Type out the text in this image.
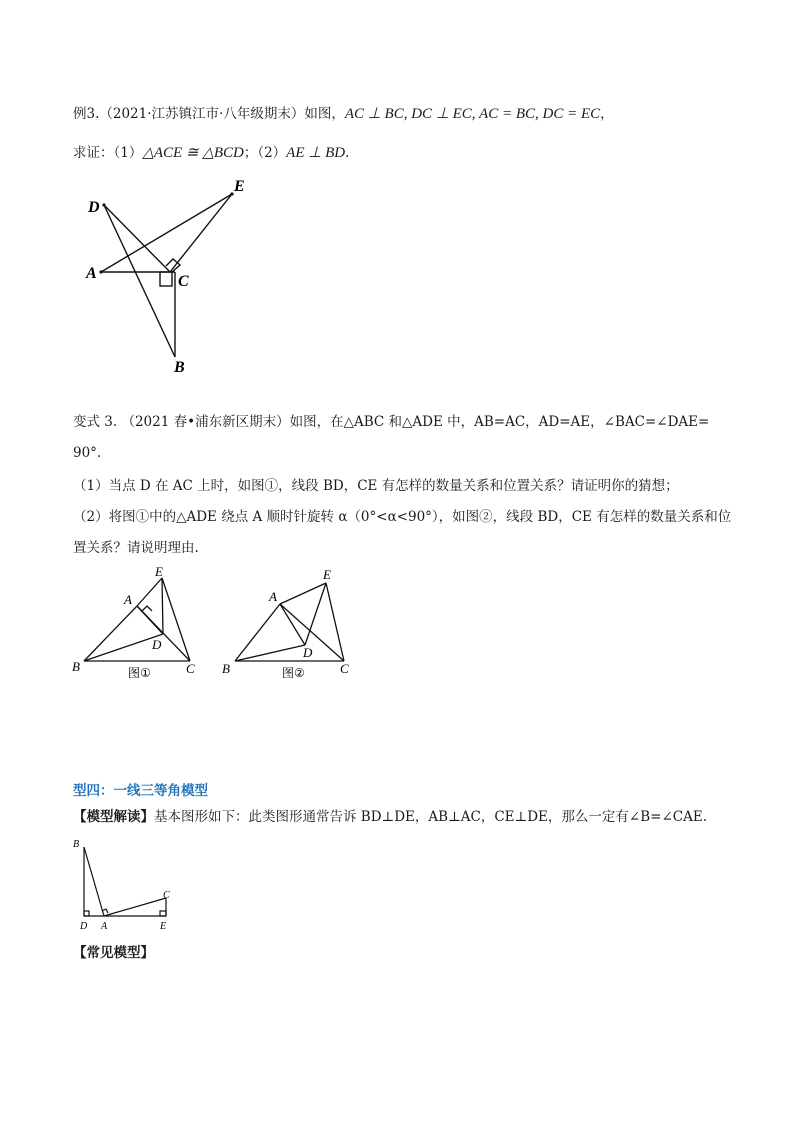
例3.（2021·江苏镇江市·八年级期末）如图，AC ⊥ BC, DC ⊥ EC, AC = BC, DC = EC，
求证：（1）△ACE ≅ △BCD；（2）AE ⊥ BD.
D
E
A	C
B
变式 3. （2021 春•浦东新区期末）如图，在△ABC 和△ADE 中，AB=AC，AD=AE，∠BAC=∠DAE=
90°.
（1）当点 D 在 AC 上时，如图①，线段 BD，CE 有怎样的数量关系和位置关系？请证明你的猜想；
（2）将图①中的△ADE 绕点 A 顺时针旋转 α（0°<α<90°），如图②，线段 BD，CE 有怎样的数量关系和位
置关系？请说明理由.
E
A
D
B	C
图①
E
A
D
B	C
图②
型四：一线三等角模型
【模型解读】基本图形如下：此类图形通常告诉 BD⊥DE，AB⊥AC，CE⊥DE，那么一定有∠B=∠CAE.
B
C
D A	E
【常见模型】
